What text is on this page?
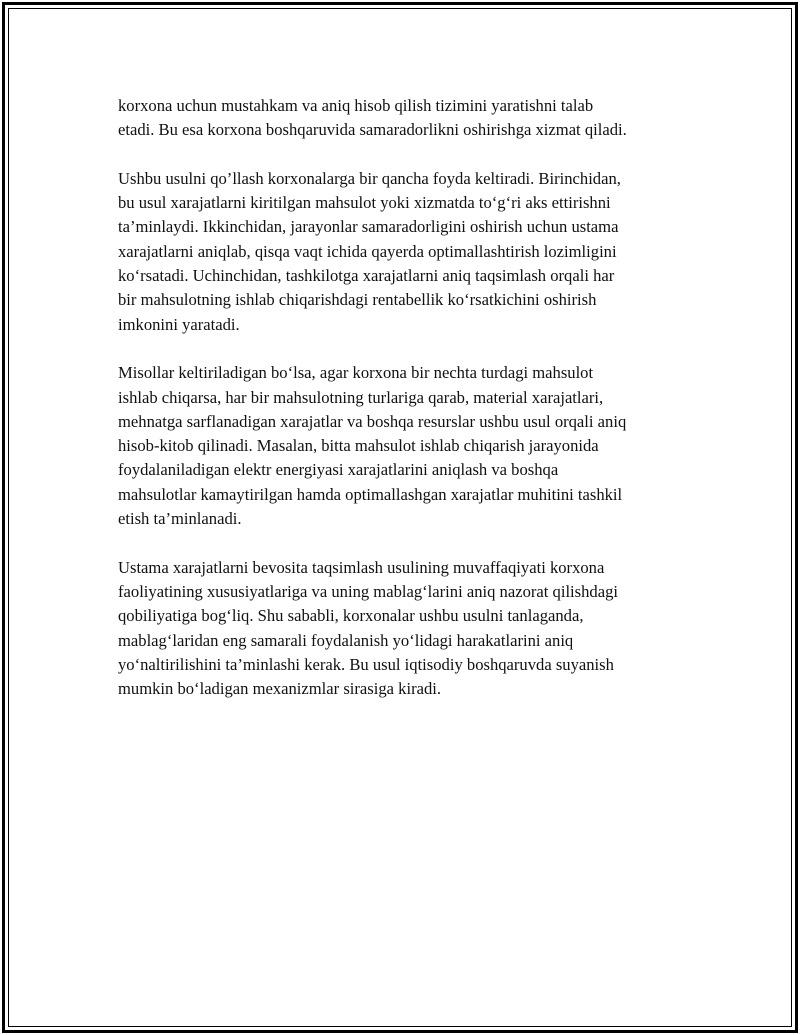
korxona uchun mustahkam va aniq hisob qilish tizimini yaratishni talab
etadi. Bu esa korxona boshqaruvida samaradorlikni oshirishga xizmat qiladi.

Ushbu usulni qo’llash korxonalarga bir qancha foyda keltiradi. Birinchidan,
bu usul xarajatlarni kiritilgan mahsulot yoki xizmatda to‘g‘ri aks ettirishni
ta’minlaydi. Ikkinchidan, jarayonlar samaradorligini oshirish uchun ustama
xarajatlarni aniqlab, qisqa vaqt ichida qayerda optimallashtirish lozimligini
ko‘rsatadi. Uchinchidan, tashkilotga xarajatlarni aniq taqsimlash orqali har
bir mahsulotning ishlab chiqarishdagi rentabellik ko‘rsatkichini oshirish
imkonini yaratadi.

Misollar keltiriladigan bo‘lsa, agar korxona bir nechta turdagi mahsulot
ishlab chiqarsa, har bir mahsulotning turlariga qarab, material xarajatlari,
mehnatga sarflanadigan xarajatlar va boshqa resurslar ushbu usul orqali aniq
hisob-kitob qilinadi. Masalan, bitta mahsulot ishlab chiqarish jarayonida
foydalaniladigan elektr energiyasi xarajatlarini aniqlash va boshqa
mahsulotlar kamaytirilgan hamda optimallashgan xarajatlar muhitini tashkil
etish ta’minlanadi.

Ustama xarajatlarni bevosita taqsimlash usulining muvaffaqiyati korxona
faoliyatining xususiyatlariga va uning mablag‘larini aniq nazorat qilishdagi
qobiliyatiga bog‘liq. Shu sababli, korxonalar ushbu usulni tanlaganda,
mablag‘laridan eng samarali foydalanish yo‘lidagi harakatlarini aniq
yo‘naltirilishini ta’minlashi kerak. Bu usul iqtisodiy boshqaruvda suyanish
mumkin bo‘ladigan mexanizmlar sirasiga kiradi.
